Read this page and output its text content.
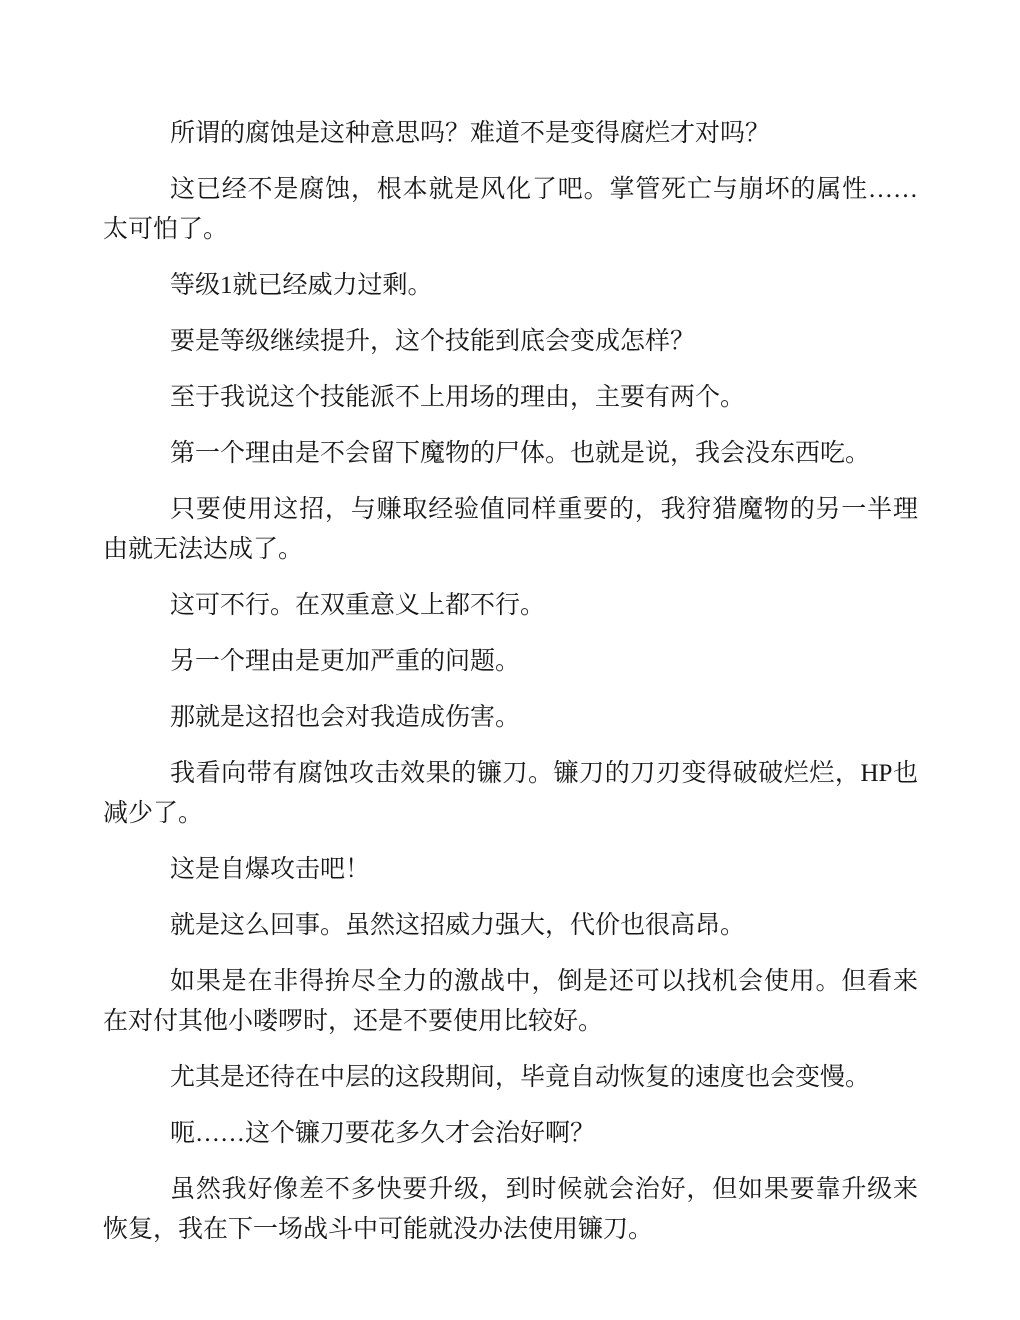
所谓的腐蚀是这种意思吗？难道不是变得腐烂才对吗？

这已经不是腐蚀，根本就是风化了吧。掌管死亡与崩坏的属性……太可怕了。

等级1就已经威力过剩。

要是等级继续提升，这个技能到底会变成怎样？

至于我说这个技能派不上用场的理由，主要有两个。

第一个理由是不会留下魔物的尸体。也就是说，我会没东西吃。

只要使用这招，与赚取经验值同样重要的，我狩猎魔物的另一半理由就无法达成了。

这可不行。在双重意义上都不行。

另一个理由是更加严重的问题。

那就是这招也会对我造成伤害。

我看向带有腐蚀攻击效果的镰刀。镰刀的刀刃变得破破烂烂，HP也减少了。

这是自爆攻击吧！

就是这么回事。虽然这招威力强大，代价也很高昂。

如果是在非得拚尽全力的激战中，倒是还可以找机会使用。但看来在对付其他小喽啰时，还是不要使用比较好。

尤其是还待在中层的这段期间，毕竟自动恢复的速度也会变慢。

呃……这个镰刀要花多久才会治好啊？

虽然我好像差不多快要升级，到时候就会治好，但如果要靠升级来恢复，我在下一场战斗中可能就没办法使用镰刀。
